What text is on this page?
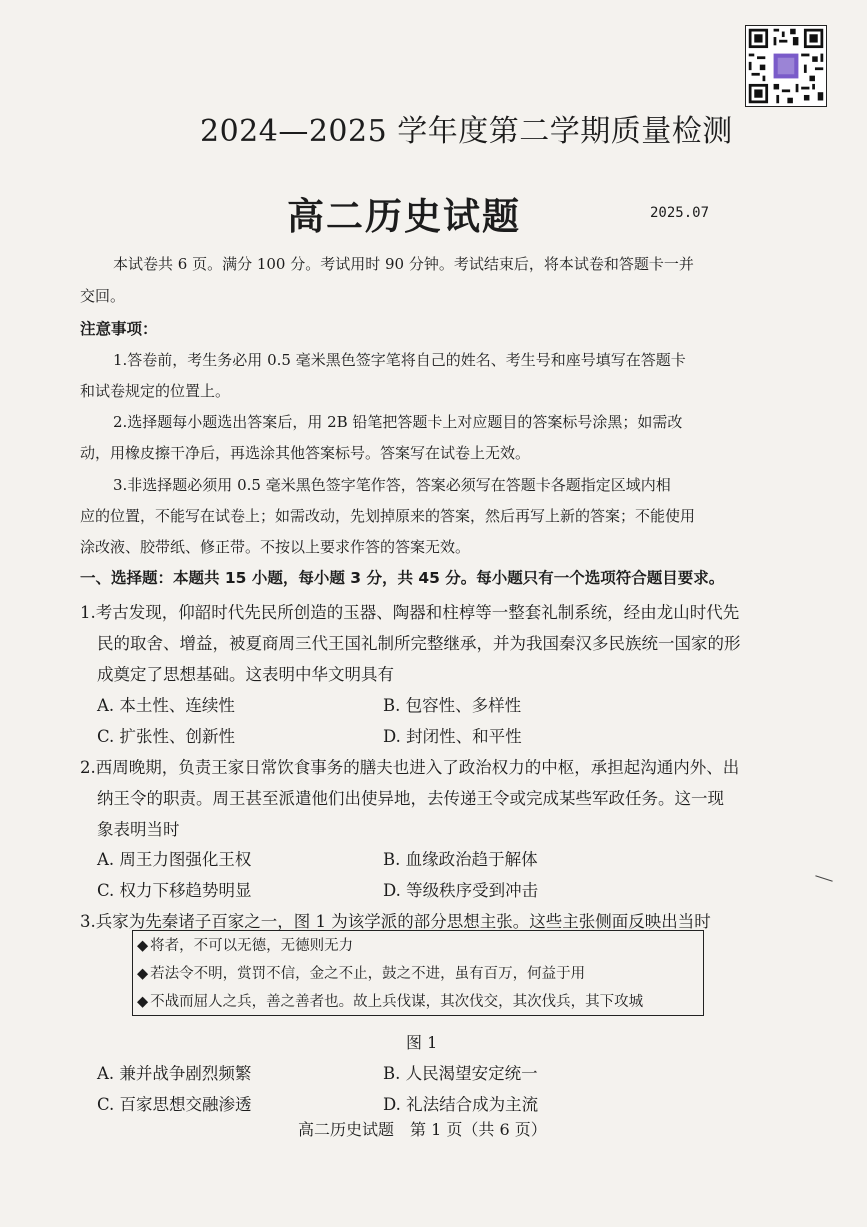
2024—2025 学年度第二学期质量检测
高二历史试题	2025.07
本试卷共 6 页。满分 100 分。考试用时 90 分钟。考试结束后，将本试卷和答题卡一并
交回。
注意事项：
1.答卷前，考生务必用 0.5 毫米黑色签字笔将自己的姓名、考生号和座号填写在答题卡
和试卷规定的位置上。
2.选择题每小题选出答案后，用 2B 铅笔把答题卡上对应题目的答案标号涂黑；如需改
动，用橡皮擦干净后，再选涂其他答案标号。答案写在试卷上无效。
3.非选择题必须用 0.5 毫米黑色签字笔作答，答案必须写在答题卡各题指定区域内相
应的位置，不能写在试卷上；如需改动，先划掉原来的答案，然后再写上新的答案；不能使用
涂改液、胶带纸、修正带。不按以上要求作答的答案无效。
一、选择题：本题共 15 小题，每小题 3 分，共 45 分。每小题只有一个选项符合题目要求。
1.考古发现，仰韶时代先民所创造的玉器、陶器和柱椁等一整套礼制系统，经由龙山时代先
民的取舍、增益，被夏商周三代王国礼制所完整继承，并为我国秦汉多民族统一国家的形
成奠定了思想基础。这表明中华文明具有
A. 本土性、连续性	B. 包容性、多样性
C. 扩张性、创新性	D. 封闭性、和平性
2.西周晚期，负责王家日常饮食事务的膳夫也进入了政治权力的中枢，承担起沟通内外、出
纳王令的职责。周王甚至派遣他们出使异地，去传递王令或完成某些军政任务。这一现
象表明当时
A. 周王力图强化王权	B. 血缘政治趋于解体
C. 权力下移趋势明显	D. 等级秩序受到冲击
3.兵家为先秦诸子百家之一，图 1 为该学派的部分思想主张。这些主张侧面反映出当时
◆ 将者，不可以无德，无德则无力
◆ 若法令不明，赏罚不信，金之不止，鼓之不进，虽有百万，何益于用
◆ 不战而屈人之兵，善之善者也。故上兵伐谋，其次伐交，其次伐兵，其下攻城
图 1
A. 兼并战争剧烈频繁	B. 人民渴望安定统一
C. 百家思想交融渗透	D. 礼法结合成为主流
高二历史试题　第 1 页（共 6 页）
